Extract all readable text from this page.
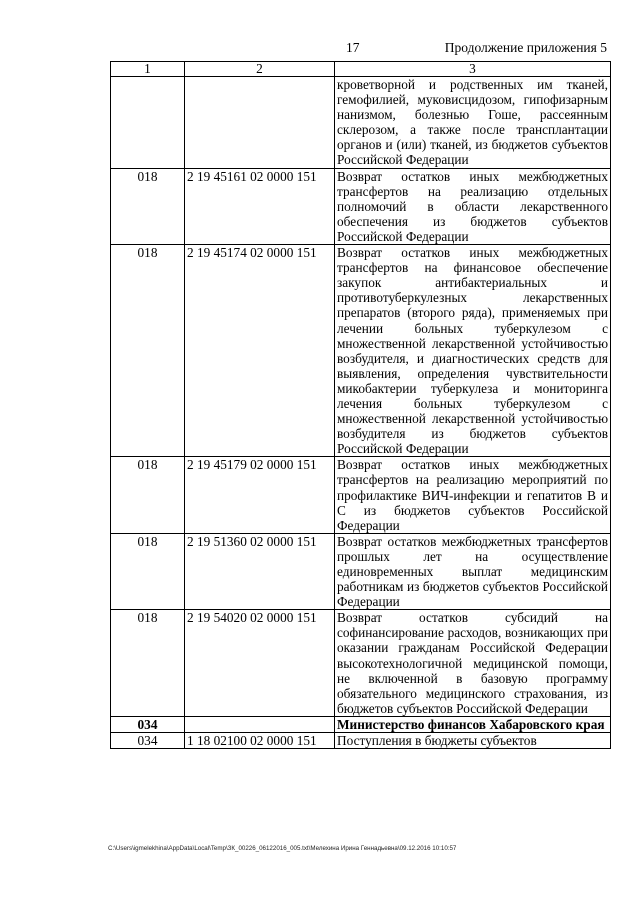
17	Продолжение приложения 5
1	2	3
		кроветворной и родственных им тканей, гемофилией, муковисцидозом, гипофизарным нанизмом, болезнью Гоше, рассеянным склерозом, а также после трансплантации органов и (или) тканей, из бюджетов субъектов Российской Федерации
018	2 19 45161 02 0000 151	Возврат остатков иных межбюджетных трансфертов на реализацию отдельных полномочий в области лекарственного обеспечения из бюджетов субъектов Российской Федерации
018	2 19 45174 02 0000 151	Возврат остатков иных межбюджетных трансфертов на финансовое обеспечение закупок антибактериальных и противотуберкулезных лекарственных препаратов (второго ряда), применяемых при лечении больных туберкулезом с множественной лекарственной устойчивостью возбудителя, и диагностических средств для выявления, определения чувствительности микобактерии туберкулеза и мониторинга лечения больных туберкулезом с множественной лекарственной устойчивостью возбудителя из бюджетов субъектов Российской Федерации
018	2 19 45179 02 0000 151	Возврат остатков иных межбюджетных трансфертов на реализацию мероприятий по профилактике ВИЧ-инфекции и гепатитов В и С из бюджетов субъектов Российской Федерации
018	2 19 51360 02 0000 151	Возврат остатков межбюджетных трансфертов прошлых лет на осуществление единовременных выплат медицинским работникам из бюджетов субъектов Российской Федерации
018	2 19 54020 02 0000 151	Возврат остатков субсидий на софинансирование расходов, возникающих при оказании гражданам Российской Федерации высокотехнологичной медицинской помощи, не включенной в базовую программу обязательного медицинского страхования, из бюджетов субъектов Российской Федерации
034		Министерство финансов Хабаровского края
034	1 18 02100 02 0000 151	Поступления в бюджеты субъектов
C:\Users\igmelekhina\AppData\Local\Temp\ЗК_00226_06122016_005.txt\Мелехина Ирина Геннадьевна\09.12.2016 10:10:57
